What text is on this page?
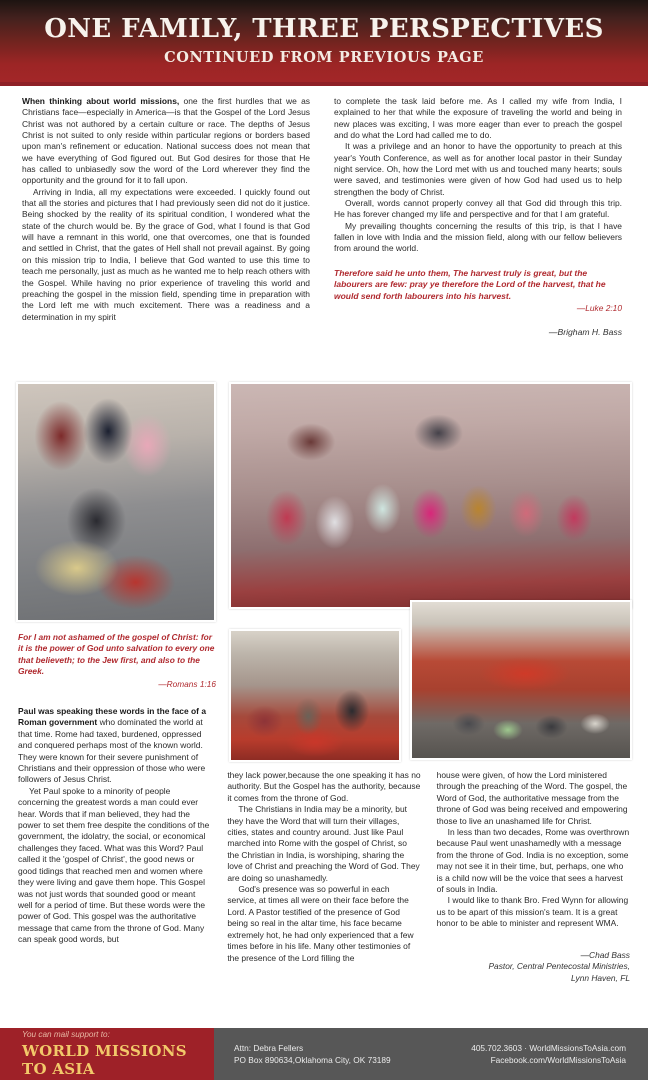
ONE FAMILY, THREE PERSPECTIVES
CONTINUED FROM PREVIOUS PAGE

When thinking about world missions, one the first hurdles that we as Christians face—especially in America—is that the Gospel of the Lord Jesus Christ was not authored by a certain culture or race. The depths of Jesus Christ is not suited to only reside within particular regions or borders based upon man's refinement or education. National success does not mean that we have everything of God figured out. But God desires for those that He has called to unbiasedly sow the word of the Lord wherever they find the opportunity and the ground for it to fall upon.

Arriving in India, all my expectations were exceeded. I quickly found out that all the stories and pictures that I had previously seen did not do it justice. Being shocked by the reality of its spiritual condition, I wondered what the state of the church would be. By the grace of God, what I found is that God will have a remnant in this world, one that overcomes, one that is founded and settled in Christ, that the gates of Hell shall not prevail against. By going on this mission trip to India, I believe that God wanted to use this time to teach me personally, just as much as he wanted me to help reach others with the Gospel. While having no prior experience of traveling this world and preaching the gospel in the mission field, spending time in preparation with the Lord left me with much excitement. There was a readiness and a determination in my spirit

to complete the task laid before me. As I called my wife from India, I explained to her that while the exposure of traveling the world and being in new places was exciting, I was more eager than ever to preach the gospel and do what the Lord had called me to do.

It was a privilege and an honor to have the opportunity to preach at this year's Youth Conference, as well as for another local pastor in their Sunday night service. Oh, how the Lord met with us and touched many hearts; souls were saved, and testimonies were given of how God had used us to help strengthen the body of Christ.

Overall, words cannot properly convey all that God did through this trip. He has forever changed my life and perspective and for that I am grateful.

My prevailing thoughts concerning the results of this trip, is that I have fallen in love with India and the mission field, along with our fellow believers from around the world.

Therefore said he unto them, The harvest truly is great, but the labourers are few: pray ye therefore the Lord of the harvest, that he would send forth labourers into his harvest.
—Luke 2:10
—Brigham H. Bass
For I am not ashamed of the gospel of Christ: for it is the power of God unto salvation to every one that believeth; to the Jew first, and also to the Greek.
—Romans 1:16

Paul was speaking these words in the face of a Roman government who dominated the world at that time. Rome had taxed, burdened, oppressed and conquered perhaps most of the known world. They were known for their severe punishment of Christians and their oppression of those who were followers of Jesus Christ.

Yet Paul spoke to a minority of people concerning the greatest words a man could ever hear. Words that if man believed, they had the power to set them free despite the conditions of the government, the idolatry, the social, or economical challenges they faced. What was this Word? Paul called it the 'gospel of Christ', the good news or good tidings that reached men and women where they were living and gave them hope. This Gospel was not just words that sounded good or meant well for a period of time. But these words were the power of God. This gospel was the authoritative message that came from the throne of God. Many can speak good words, but

they lack power,because the one speaking it has no authority. But the Gospel has the authority, because it comes from the throne of God.

The Christians in India may be a minority, but they have the Word that will turn their villages, cities, states and country around. Just like Paul marched into Rome with the gospel of Christ, so the Christian in India, is worshiping, sharing the love of Christ and preaching the Word of God. They are doing so unashamedly.

God's presence was so powerful in each service, at times all were on their face before the Lord. A Pastor testified of the presence of God being so real in the altar time, his face became extremely hot, he had only experienced that a few times before in his life. Many other testimonies of the presence of the Lord filling the

house were given, of how the Lord ministered through the preaching of the Word. The gospel, the Word of God, the authoritative message from the throne of God was being received and empowering those to live an unashamed life for Christ.

In less than two decades, Rome was overthrown because Paul went unashamedly with a message from the throne of God. India is no exception, some may not see it in their time, but, perhaps, one who is a child now will be the voice that sees a harvest of souls in India.

I would like to thank Bro. Fred Wynn for allowing us to be apart of this mission's team. It is a great honor to be able to minister and represent WMA.

—Chad Bass
Pastor, Central Pentecostal Ministries,
Lynn Haven, FL
You can mail support to:
WORLD MISSIONS TO ASIA
Attn: Debra Fellers
PO Box 890634,Oklahoma City, OK 73189
405.702.3603 · WorldMissionsToAsia.com
Facebook.com/WorldMissionsToAsia
